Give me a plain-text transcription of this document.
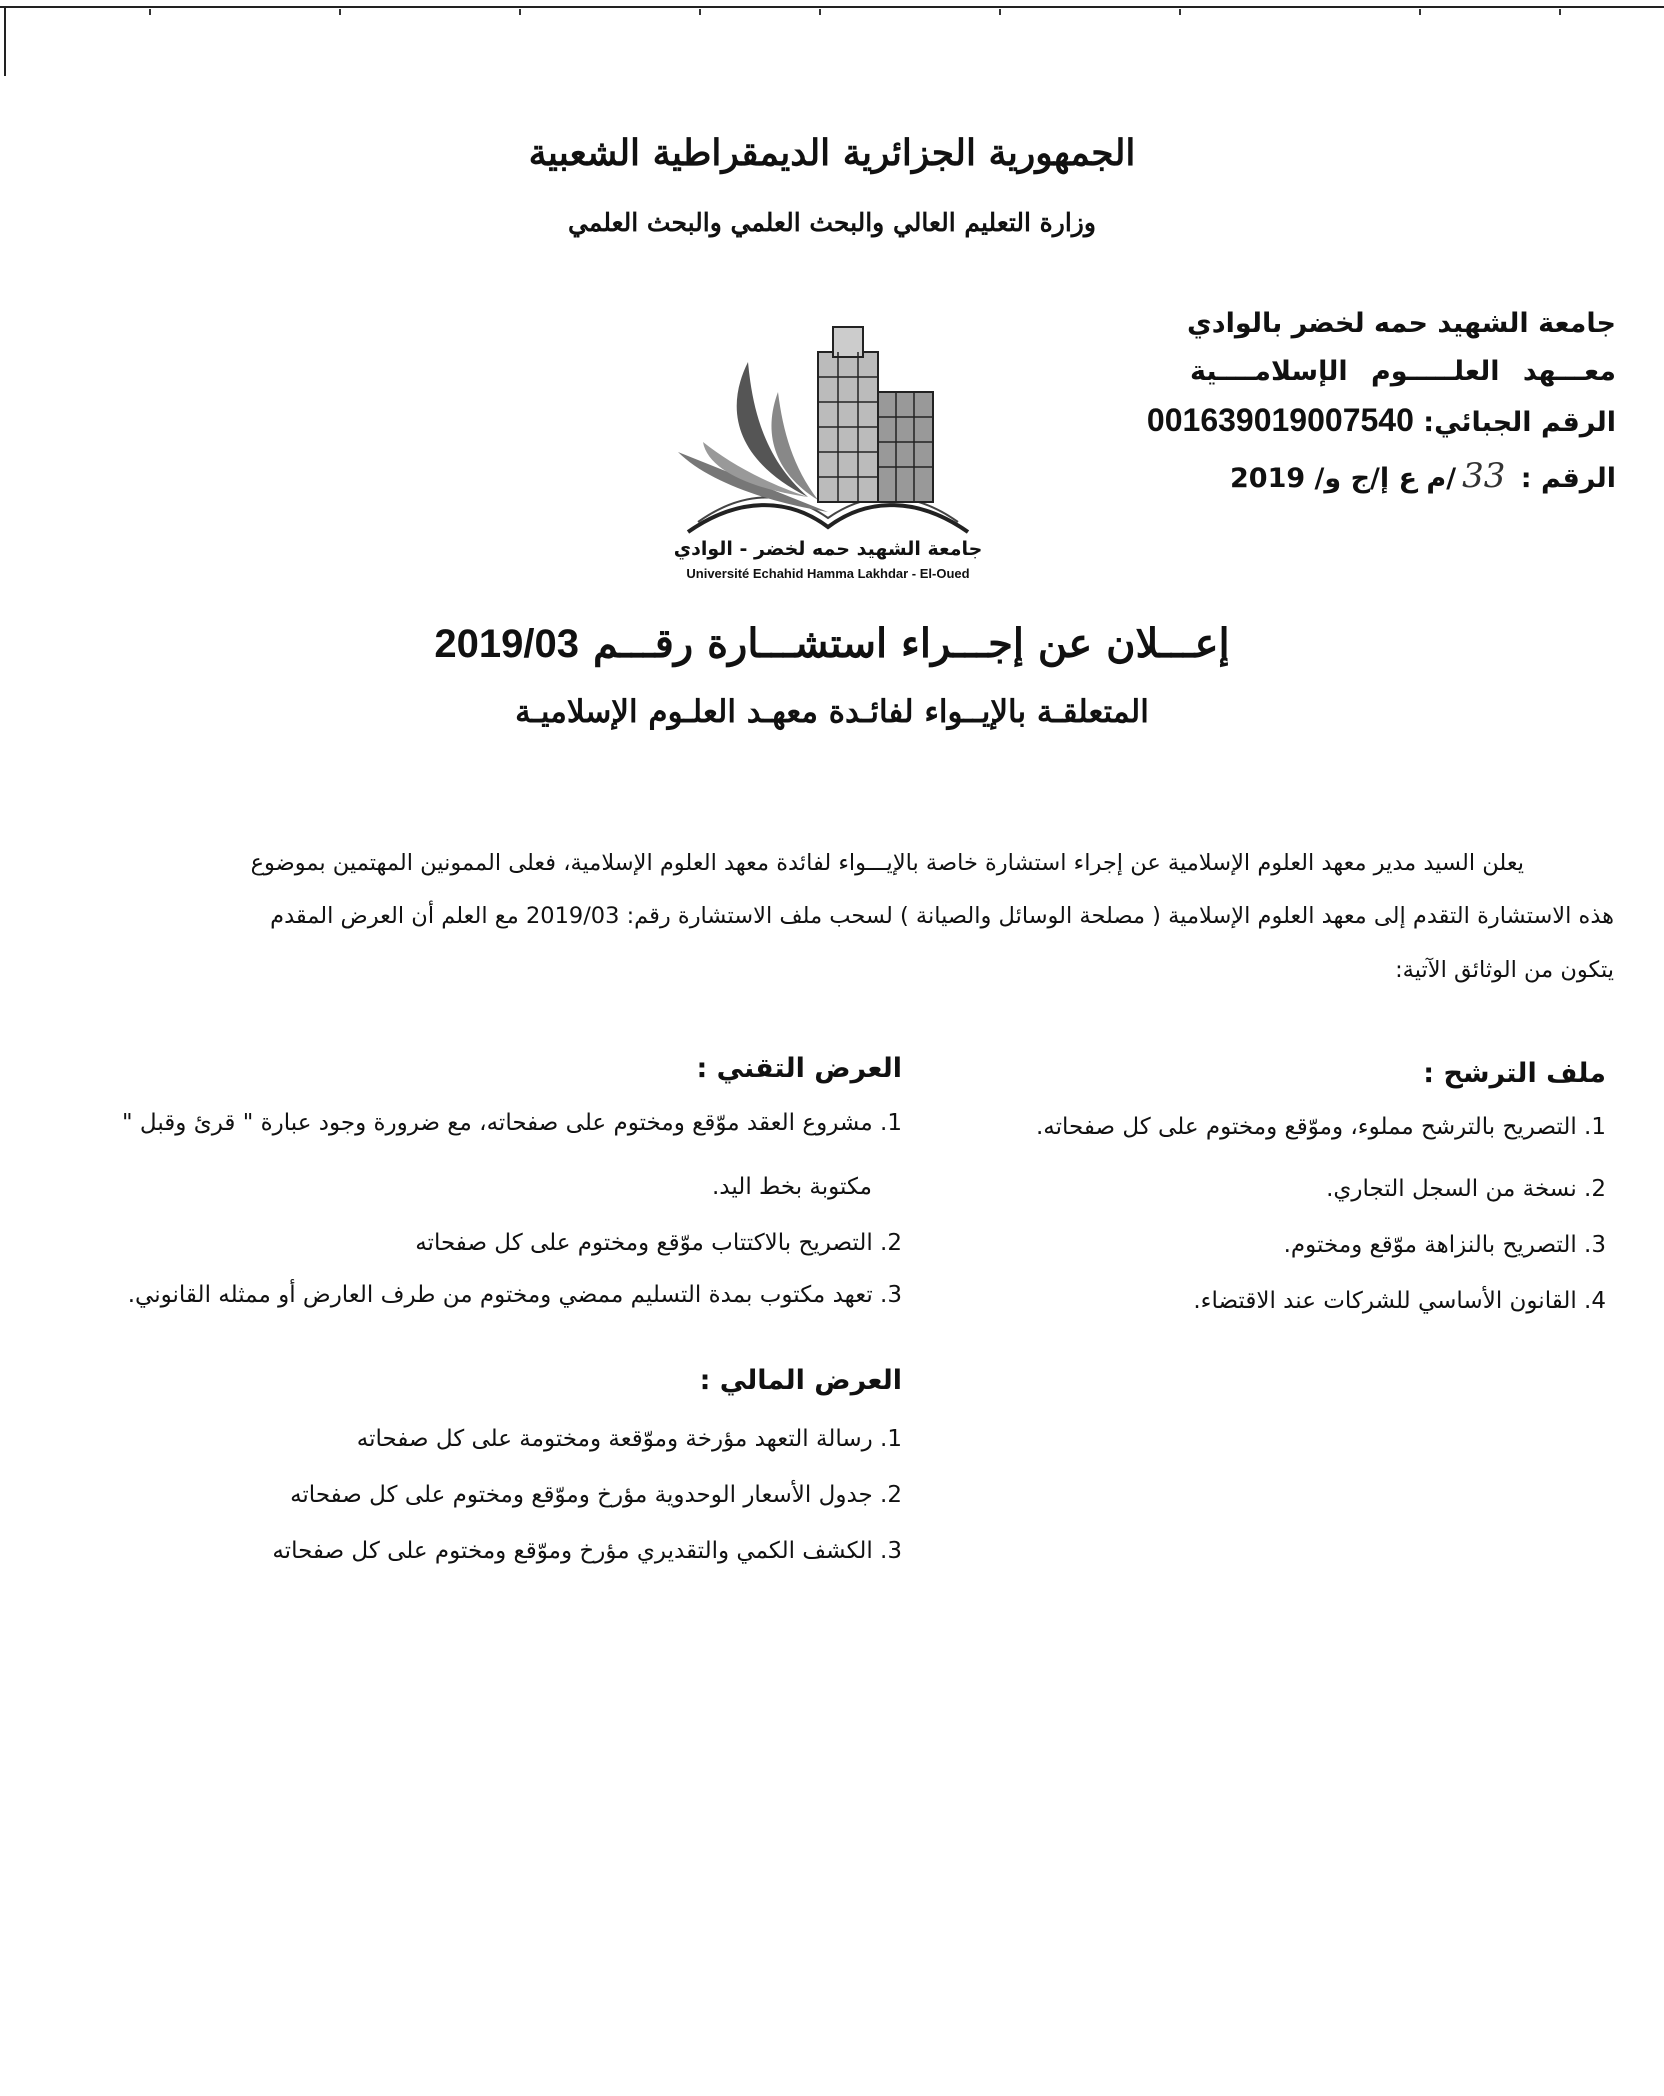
الجمهورية الجزائرية الديمقراطية الشعبية
وزارة التعليم العالي والبحث العلمي والبحث العلمي
جامعة الشهيد حمه لخضر بالوادي
معـــهد العلـــــوم الإسلامــــية
الرقم الجبائي: 001639019007540
الرقم : 33/م ع إ/ج و/ 2019
جامعة الشهيد حمه لخضر - الوادي
Université Echahid Hamma Lakhdar - El-Oued
إعـــلان عن إجـــراء استشـــارة رقـــم 2019/03
المتعلقـة بالإيــواء لفائـدة معهـد العلـوم الإسلاميـة
يعلن السيد مدير معهد العلوم الإسلامية عن إجراء استشارة خاصة بالإيـــواء لفائدة معهد العلوم الإسلامية، فعلى الممونين المهتمين بموضوع
هذه الاستشارة التقدم إلى معهد العلوم الإسلامية ( مصلحة الوسائل والصيانة ) لسحب ملف الاستشارة رقم: 2019/03 مع العلم أن العرض المقدم
يتكون من الوثائق الآتية:
ملف الترشح :
1. التصريح بالترشح مملوء، وموّقع ومختوم على كل صفحاته.
2. نسخة من السجل التجاري.
3. التصريح بالنزاهة موّقع ومختوم.
4. القانون الأساسي للشركات عند الاقتضاء.
العرض التقني :
1. مشروع العقد موّقع ومختوم على صفحاته، مع ضرورة وجود عبارة " قرئ وقبل "
مكتوبة بخط اليد.
2. التصريح بالاكتتاب موّقع ومختوم على كل صفحاته
3. تعهد مكتوب بمدة التسليم ممضي ومختوم من طرف العارض أو ممثله القانوني.
العرض المالي :
1. رسالة التعهد مؤرخة وموّقعة ومختومة على كل صفحاته
2. جدول الأسعار الوحدوية مؤرخ وموّقع ومختوم على كل صفحاته
3. الكشف الكمي والتقديري مؤرخ وموّقع ومختوم على كل صفحاته
